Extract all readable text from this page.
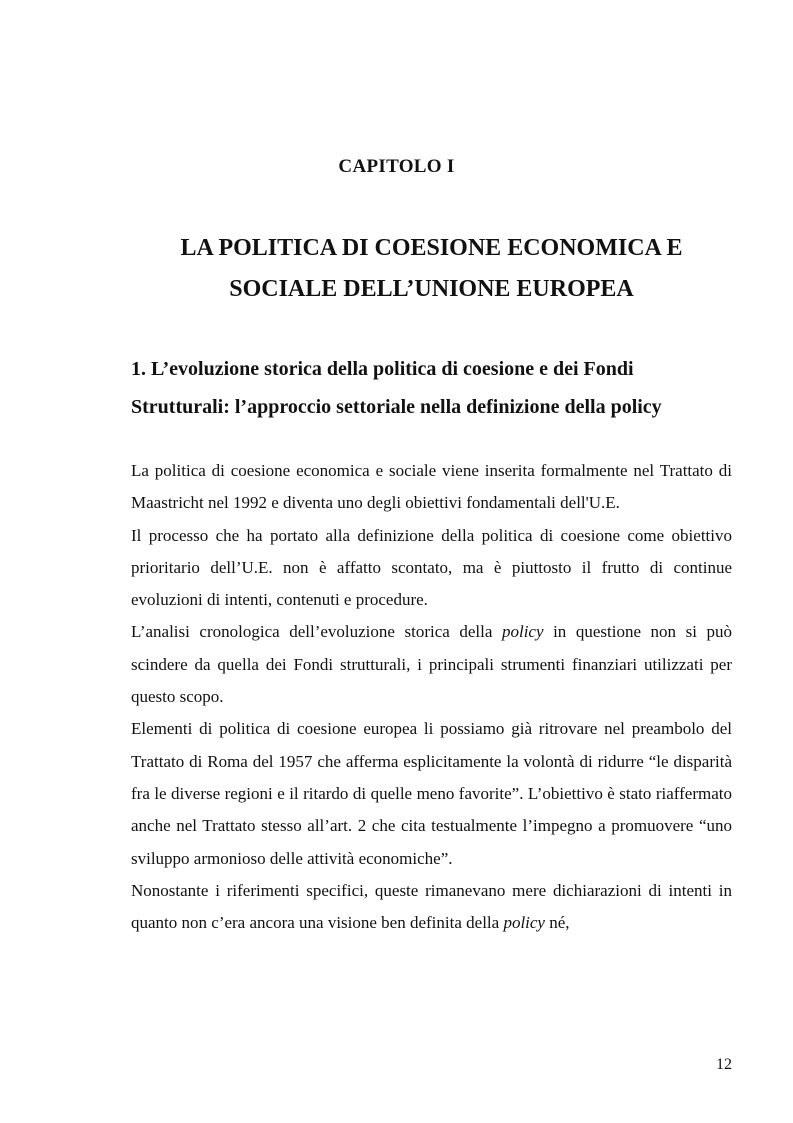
CAPITOLO I
LA POLITICA DI COESIONE ECONOMICA E
SOCIALE DELL’UNIONE EUROPEA
1. L’evoluzione storica della politica di coesione e dei Fondi
Strutturali: l’approccio settoriale nella definizione della policy

La politica di coesione economica e sociale viene inserita formalmente nel Trattato di Maastricht nel 1992 e diventa uno degli obiettivi fondamentali dell'U.E.

Il processo che ha portato alla definizione della politica di coesione come obiettivo prioritario dell’U.E. non è affatto scontato, ma è piuttosto il frutto di continue evoluzioni di intenti, contenuti e procedure.

L’analisi cronologica dell’evoluzione storica della policy in questione non si può scindere da quella dei Fondi strutturali, i principali strumenti finanziari utilizzati per questo scopo.

Elementi di politica di coesione europea li possiamo già ritrovare nel preambolo del Trattato di Roma del 1957 che afferma esplicitamente la volontà di ridurre “le disparità fra le diverse regioni e il ritardo di quelle meno favorite”. L’obiettivo è stato riaffermato anche nel Trattato stesso all’art. 2 che cita testualmente l’impegno a promuovere “uno sviluppo armonioso delle attività economiche”.

Nonostante i riferimenti specifici, queste rimanevano mere dichiarazioni di intenti in quanto non c’era ancora una visione ben definita della policy né,

12
